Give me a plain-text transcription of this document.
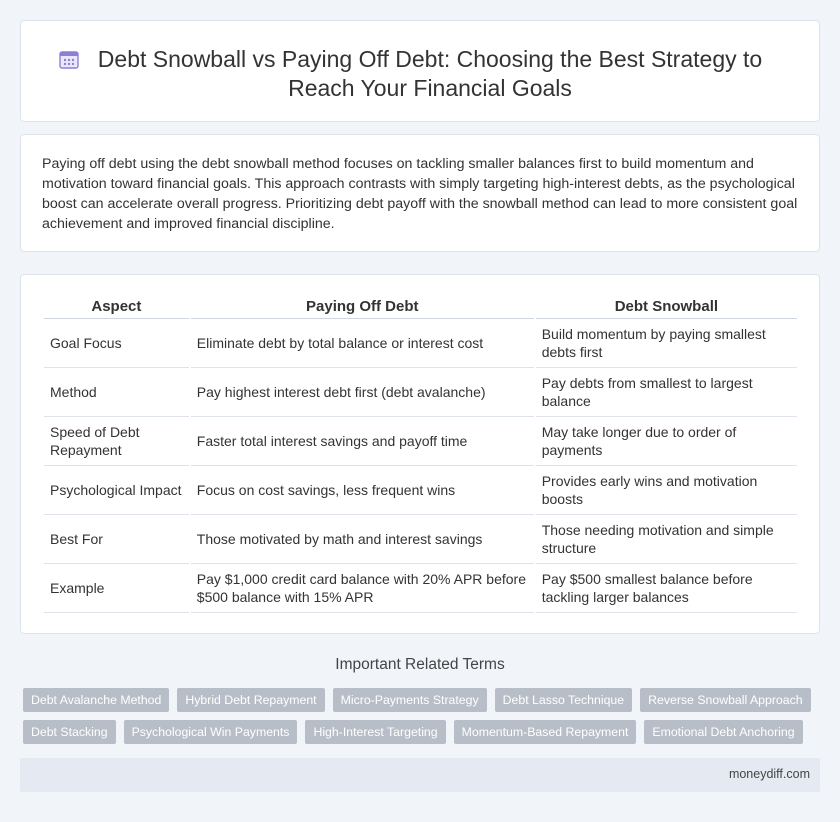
Debt Snowball vs Paying Off Debt: Choosing the Best Strategy to Reach Your Financial Goals

Paying off debt using the debt snowball method focuses on tackling smaller balances first to build momentum and motivation toward financial goals. This approach contrasts with simply targeting high-interest debts, as the psychological boost can accelerate overall progress. Prioritizing debt payoff with the snowball method can lead to more consistent goal achievement and improved financial discipline.

Aspect	Paying Off Debt	Debt Snowball
Goal Focus	Eliminate debt by total balance or interest cost	Build momentum by paying smallest debts first
Method	Pay highest interest debt first (debt avalanche)	Pay debts from smallest to largest balance
Speed of Debt Repayment	Faster total interest savings and payoff time	May take longer due to order of payments
Psychological Impact	Focus on cost savings, less frequent wins	Provides early wins and motivation boosts
Best For	Those motivated by math and interest savings	Those needing motivation and simple structure
Example	Pay $1,000 credit card balance with 20% APR before $500 balance with 15% APR	Pay $500 smallest balance before tackling larger balances
Important Related Terms
Debt Avalanche Method	Hybrid Debt Repayment	Micro-Payments Strategy	Debt Lasso Technique	Reverse Snowball Approach
Debt Stacking	Psychological Win Payments	High-Interest Targeting	Momentum-Based Repayment	Emotional Debt Anchoring
moneydiff.com
